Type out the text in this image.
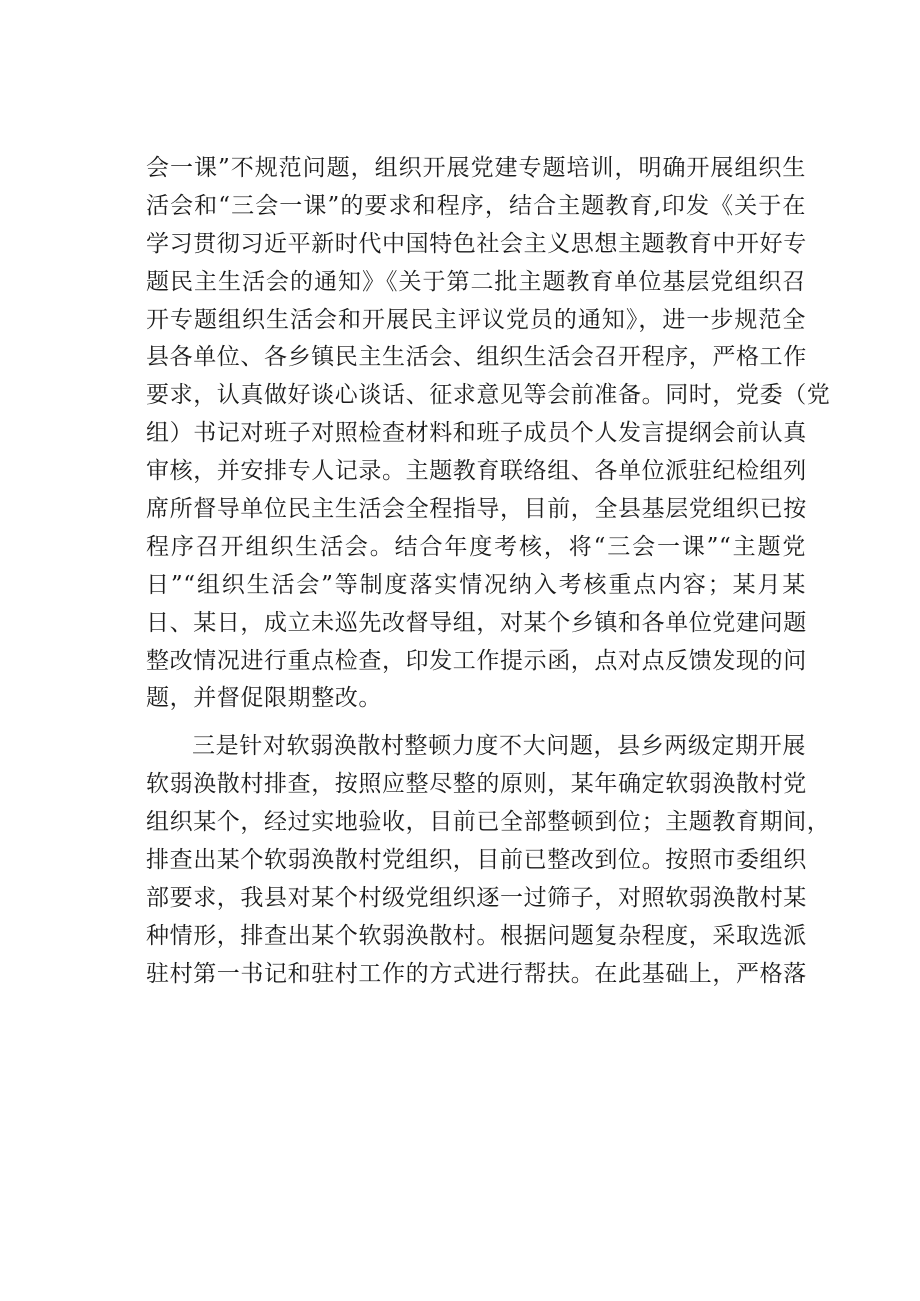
会一课”不规范问题，组织开展党建专题培训，明确开展组织生
活会和“三会一课”的要求和程序，结合主题教育,印发《关于在
学习贯彻习近平新时代中国特色社会主义思想主题教育中开好专
题民主生活会的通知》《关于第二批主题教育单位基层党组织召
开专题组织生活会和开展民主评议党员的通知》，进一步规范全
县各单位、各乡镇民主生活会、组织生活会召开程序，严格工作
要求，认真做好谈心谈话、征求意见等会前准备。同时，党委（党
组）书记对班子对照检查材料和班子成员个人发言提纲会前认真
审核，并安排专人记录。主题教育联络组、各单位派驻纪检组列
席所督导单位民主生活会全程指导，目前，全县基层党组织已按
程序召开组织生活会。结合年度考核，将“三会一课”“主题党
日”“组织生活会”等制度落实情况纳入考核重点内容；某月某
日、某日，成立未巡先改督导组，对某个乡镇和各单位党建问题
整改情况进行重点检查，印发工作提示函，点对点反馈发现的问
题，并督促限期整改。
三是针对软弱涣散村整顿力度不大问题，县乡两级定期开展
软弱涣散村排查，按照应整尽整的原则，某年确定软弱涣散村党
组织某个，经过实地验收，目前已全部整顿到位；主题教育期间，
排查出某个软弱涣散村党组织，目前已整改到位。按照市委组织
部要求，我县对某个村级党组织逐一过筛子，对照软弱涣散村某
种情形，排查出某个软弱涣散村。根据问题复杂程度，采取选派
驻村第一书记和驻村工作的方式进行帮扶。在此基础上，严格落
